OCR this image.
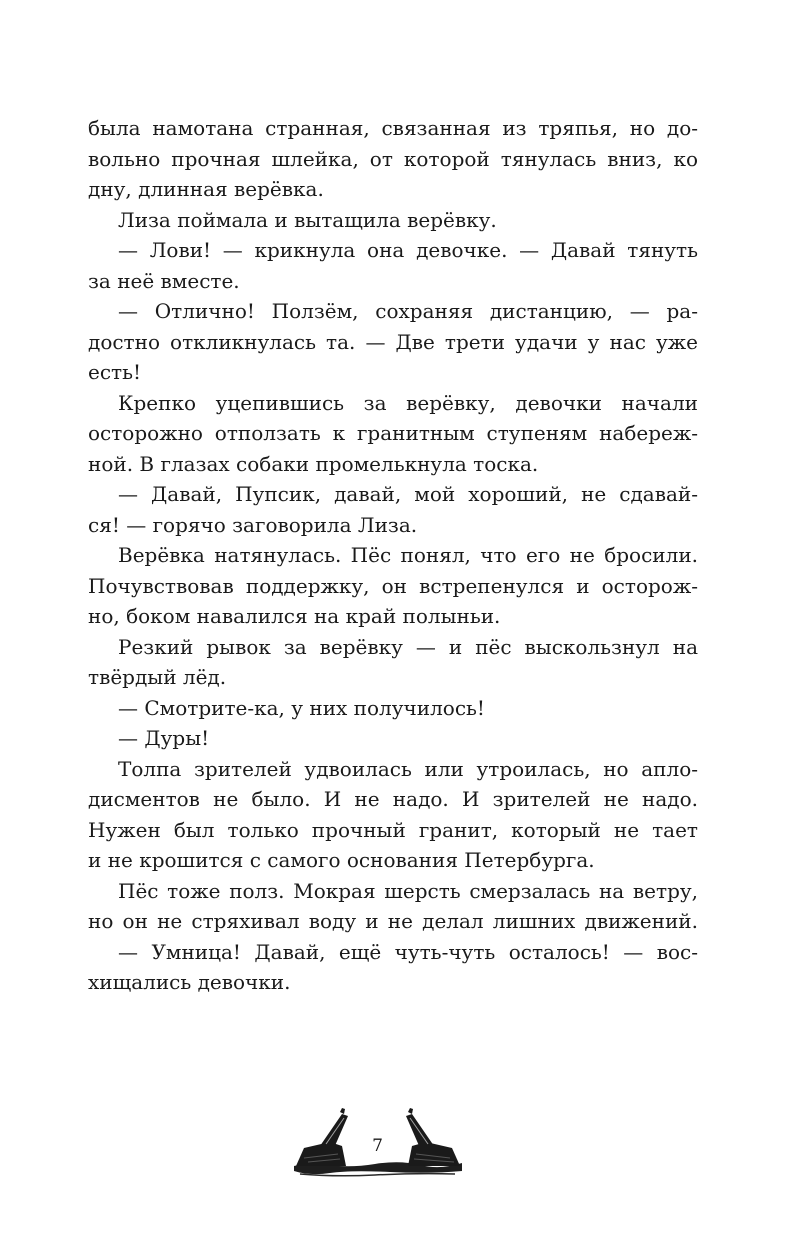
была намотана странная, связанная из тряпья, но до-
вольно прочная шлейка, от которой тянулась вниз, ко
дну, длинная верёвка.
Лиза поймала и вытащила верёвку.
— Лови! — крикнула она девочке. — Давай тянуть
за неё вместе.
— Отлично! Ползём, сохраняя дистанцию, — ра-
достно откликнулась та. — Две трети удачи у нас уже
есть!
Крепко уцепившись за верёвку, девочки начали
осторожно отползать к гранитным ступеням набереж-
ной. В глазах собаки промелькнула тоска.
— Давай, Пупсик, давай, мой хороший, не сдавай-
ся! — горячо заговорила Лиза.
Верёвка натянулась. Пёс понял, что его не бросили.
Почувствовав поддержку, он встрепенулся и осторож-
но, боком навалился на край полыньи.
Резкий рывок за верёвку — и пёс выскользнул на
твёрдый лёд.
— Смотрите-ка, у них получилось!
— Дуры!
Толпа зрителей удвоилась или утроилась, но апло-
дисментов не было. И не надо. И зрителей не надо.
Нужен был только прочный гранит, который не тает
и не крошится с самого основания Петербурга.
Пёс тоже полз. Мокрая шерсть смерзалась на ветру,
но он не стряхивал воду и не делал лишних движений.
— Умница! Давай, ещё чуть-чуть осталось! — вос-
хищались девочки.
7
